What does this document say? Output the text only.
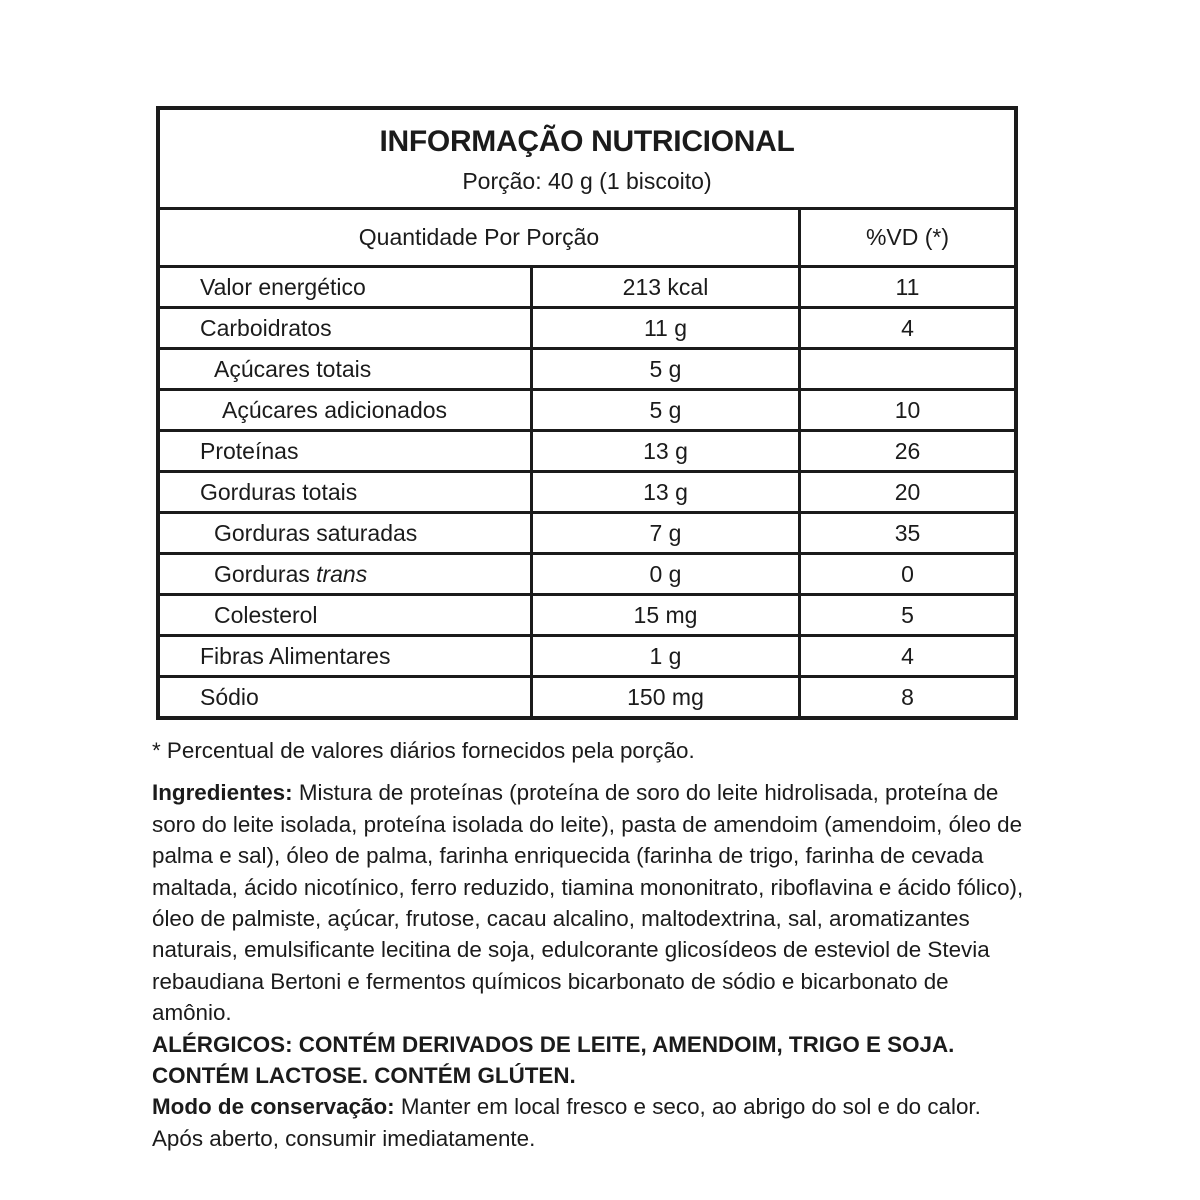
INFORMAÇÃO NUTRICIONAL
Porção: 40 g (1 biscoito)
Quantidade Por Porção	%VD (*)
Valor energético	213 kcal	11
Carboidratos	11 g	4
Açúcares totais	5 g
Açúcares adicionados	5 g	10
Proteínas	13 g	26
Gorduras totais	13 g	20
Gorduras saturadas	7 g	35
Gorduras trans	0 g	0
Colesterol	15 mg	5
Fibras Alimentares	1 g	4
Sódio	150 mg	8

* Percentual de valores diários fornecidos pela porção.

Ingredientes: Mistura de proteínas (proteína de soro do leite hidrolisada, proteína de soro do leite isolada, proteína isolada do leite), pasta de amendoim (amendoim, óleo de palma e sal), óleo de palma, farinha enriquecida (farinha de trigo, farinha de cevada maltada, ácido nicotínico, ferro reduzido, tiamina mononitrato, riboflavina e ácido fólico), óleo de palmiste, açúcar, frutose, cacau alcalino, maltodextrina, sal, aromatizantes naturais, emulsificante lecitina de soja, edulcorante glicosídeos de esteviol de Stevia rebaudiana Bertoni e fermentos químicos bicarbonato de sódio e bicarbonato de amônio.

ALÉRGICOS: CONTÉM DERIVADOS DE LEITE, AMENDOIM, TRIGO E SOJA. CONTÉM LACTOSE. CONTÉM GLÚTEN.

Modo de conservação: Manter em local fresco e seco, ao abrigo do sol e do calor. Após aberto, consumir imediatamente.
